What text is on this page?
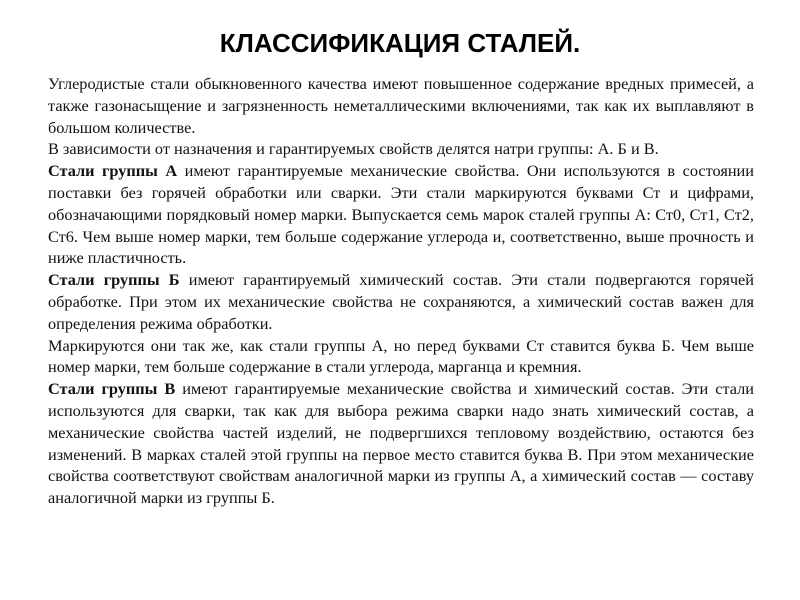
КЛАССИФИКАЦИЯ СТАЛЕЙ.

Углеродистые стали обыкновенного качества имеют повышенное содержание вредных примесей, а также газонасыщение и загрязненность неметаллическими включениями, так как их выплавляют в большом количестве.

В зависимости от назначения и гарантируемых свойств делятся натри группы: А. Б и В.

Стали группы А имеют гарантируемые механические свойства. Они используются в состоянии поставки без горячей обработки или сварки. Эти стали маркируются буквами Ст и цифрами, обозначающими порядковый номер марки. Выпускается семь марок сталей группы А: Ст0, Ст1, Ст2, Ст6. Чем выше номер марки, тем больше содержание углерода и, соответственно, выше прочность и ниже пластичность.

Стали группы Б имеют гарантируемый химический состав. Эти стали подвергаются горячей обработке. При этом их механические свойства не сохраняются, а химический состав важен для определения режима обработки.

Маркируются они так же, как стали группы А, но перед буквами Ст ставится буква Б. Чем выше номер марки, тем больше содержание в стали углерода, марганца и кремния.

Стали группы В имеют гарантируемые механические свойства и химический состав. Эти стали используются для сварки, так как для выбора режима сварки надо знать химический состав, а механические свойства частей изделий, не подвергшихся тепловому воздействию, остаются без изменений. В марках сталей этой группы на первое место ставится буква В. При этом механические свойства соответствуют свойствам аналогичной марки из группы А, а химический состав — составу аналогичной марки из группы Б.
